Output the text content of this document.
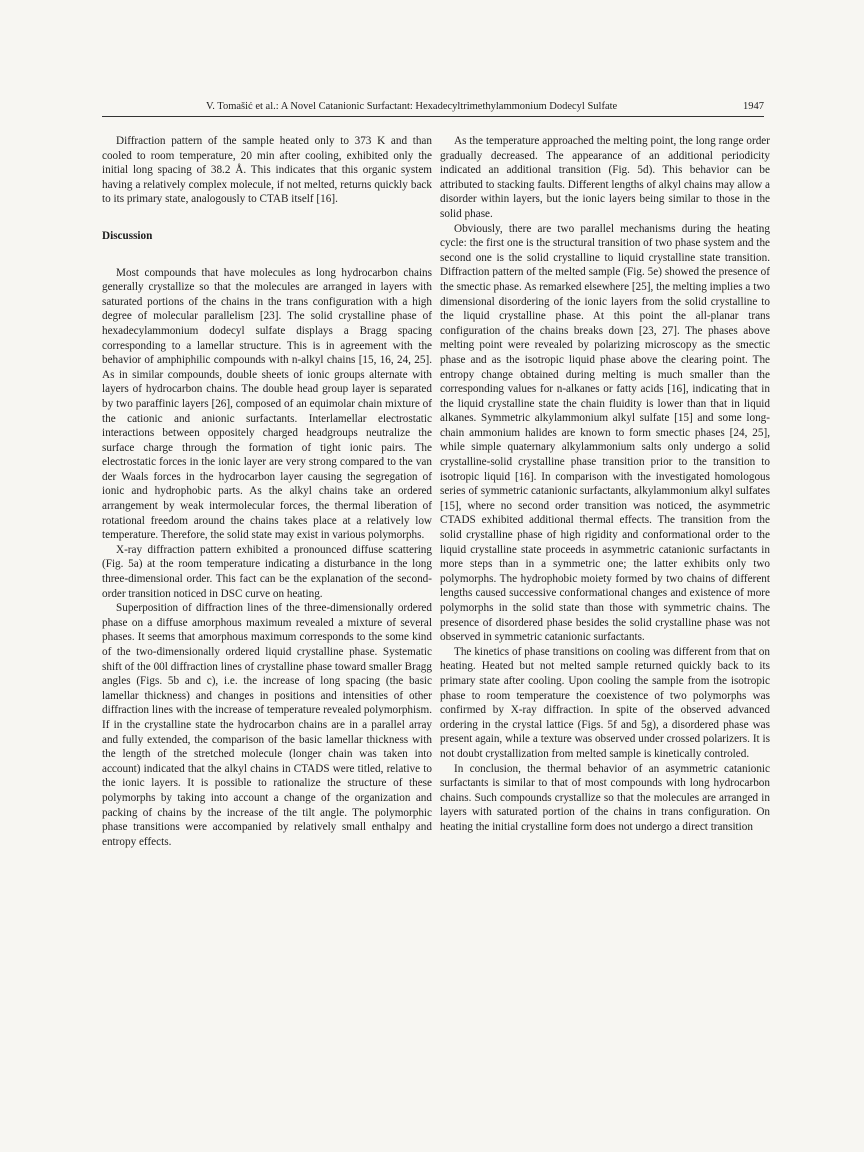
V. Tomašić et al.: A Novel Catanionic Surfactant: Hexadecyltrimethylammonium Dodecyl Sulfate	1947

Diffraction pattern of the sample heated only to 373 K and than cooled to room temperature, 20 min after cooling, exhibited only the initial long spacing of 38.2 Å. This indicates that this organic system having a relatively complex molecule, if not melted, returns quickly back to its primary state, analogously to CTAB itself [16].

Discussion

Most compounds that have molecules as long hydrocarbon chains generally crystallize so that the molecules are arranged in layers with saturated portions of the chains in the trans configuration with a high degree of molecular parallelism [23]. The solid crystalline phase of hexadecylammonium dodecyl sulfate displays a Bragg spacing corresponding to a lamellar structure. This is in agreement with the behavior of amphiphilic compounds with n-alkyl chains [15, 16, 24, 25]. As in similar compounds, double sheets of ionic groups alternate with layers of hydrocarbon chains. The double head group layer is separated by two paraffinic layers [26], composed of an equimolar chain mixture of the cationic and anionic surfactants. Interlamellar electrostatic interactions between oppositely charged headgroups neutralize the surface charge through the formation of tight ionic pairs. The electrostatic forces in the ionic layer are very strong compared to the van der Waals forces in the hydrocarbon layer causing the segregation of ionic and hydrophobic parts. As the alkyl chains take an ordered arrangement by weak intermolecular forces, the thermal liberation of rotational freedom around the chains takes place at a relatively low temperature. Therefore, the solid state may exist in various polymorphs.

X-ray diffraction pattern exhibited a pronounced diffuse scattering (Fig. 5a) at the room temperature indicating a disturbance in the long three-dimensional order. This fact can be the explanation of the second-order transition noticed in DSC curve on heating.

Superposition of diffraction lines of the three-dimensionally ordered phase on a diffuse amorphous maximum revealed a mixture of several phases. It seems that amorphous maximum corresponds to the some kind of the two-dimensionally ordered liquid crystalline phase. Systematic shift of the 00l diffraction lines of crystalline phase toward smaller Bragg angles (Figs. 5b and c), i.e. the increase of long spacing (the basic lamellar thickness) and changes in positions and intensities of other diffraction lines with the increase of temperature revealed polymorphism. If in the crystalline state the hydrocarbon chains are in a parallel array and fully extended, the comparison of the basic lamellar thickness with the length of the stretched molecule (longer chain was taken into account) indicated that the alkyl chains in CTADS were titled, relative to the ionic layers. It is possible to rationalize the structure of these polymorphs by taking into account a change of the organization and packing of chains by the increase of the tilt angle. The polymorphic phase transitions were accompanied by relatively small enthalpy and entropy effects.

As the temperature approached the melting point, the long range order gradually decreased. The appearance of an additional periodicity indicated an additional transition (Fig. 5d). This behavior can be attributed to stacking faults. Different lengths of alkyl chains may allow a disorder within layers, but the ionic layers being similar to those in the solid phase.

Obviously, there are two parallel mechanisms during the heating cycle: the first one is the structural transition of two phase system and the second one is the solid crystalline to liquid crystalline state transition. Diffraction pattern of the melted sample (Fig. 5e) showed the presence of the smectic phase. As remarked elsewhere [25], the melting implies a two dimensional disordering of the ionic layers from the solid crystalline to the liquid crystalline phase. At this point the all-planar trans configuration of the chains breaks down [23, 27]. The phases above melting point were revealed by polarizing microscopy as the smectic phase and as the isotropic liquid phase above the clearing point. The entropy change obtained during melting is much smaller than the corresponding values for n-alkanes or fatty acids [16], indicating that in the liquid crystalline state the chain fluidity is lower than that in liquid alkanes. Symmetric alkylammonium alkyl sulfate [15] and some long-chain ammonium halides are known to form smectic phases [24, 25], while simple quaternary alkylammonium salts only undergo a solid crystalline-solid crystalline phase transition prior to the transition to isotropic liquid [16]. In comparison with the investigated homologous series of symmetric catanionic surfactants, alkylammonium alkyl sulfates [15], where no second order transition was noticed, the asymmetric CTADS exhibited additional thermal effects. The transition from the solid crystalline phase of high rigidity and conformational order to the liquid crystalline state proceeds in asymmetric catanionic surfactants in more steps than in a symmetric one; the latter exhibits only two polymorphs. The hydrophobic moiety formed by two chains of different lengths caused successive conformational changes and existence of more polymorphs in the solid state than those with symmetric chains. The presence of disordered phase besides the solid crystalline phase was not observed in symmetric catanionic surfactants.

The kinetics of phase transitions on cooling was different from that on heating. Heated but not melted sample returned quickly back to its primary state after cooling. Upon cooling the sample from the isotropic phase to room temperature the coexistence of two polymorphs was confirmed by X-ray diffraction. In spite of the observed advanced ordering in the crystal lattice (Figs. 5f and 5g), a disordered phase was present again, while a texture was observed under crossed polarizers. It is not doubt crystallization from melted sample is kinetically controled.

In conclusion, the thermal behavior of an asymmetric catanionic surfactants is similar to that of most compounds with long hydrocarbon chains. Such compounds crystallize so that the molecules are arranged in layers with saturated portion of the chains in trans configuration. On heating the initial crystalline form does not undergo a direct transition
